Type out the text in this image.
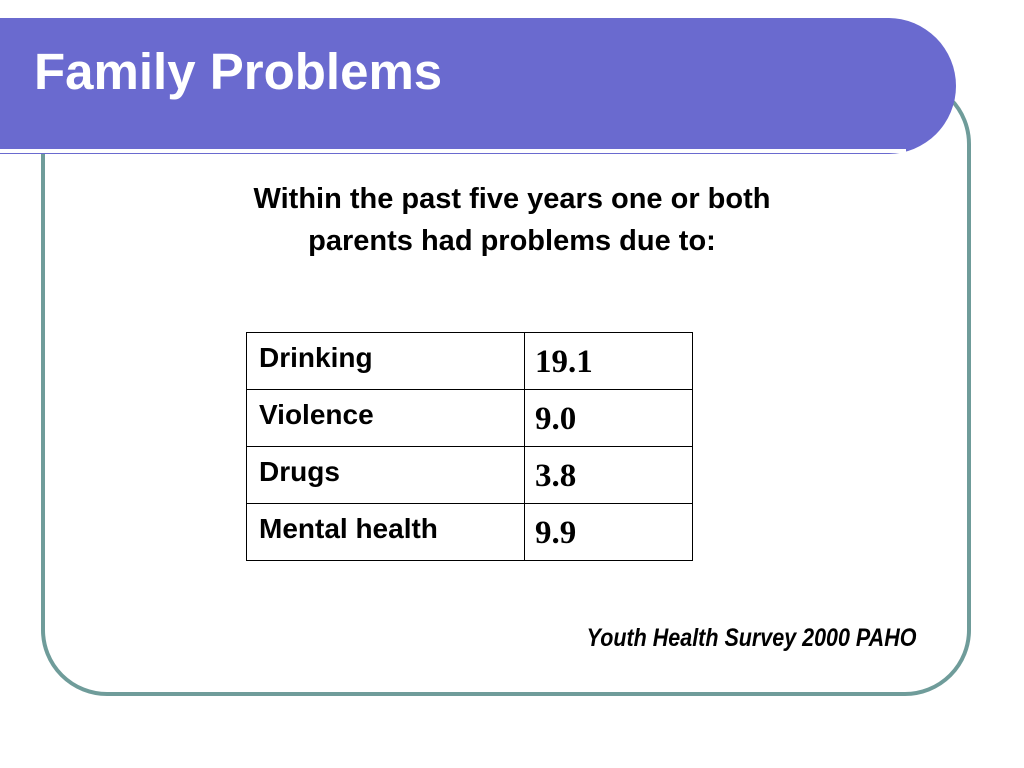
Family Problems
Within the past five years one or both
parents had problems due to:
Drinking	19.1
Violence	9.0
Drugs	3.8
Mental health	9.9

Youth Health Survey 2000 PAHO
